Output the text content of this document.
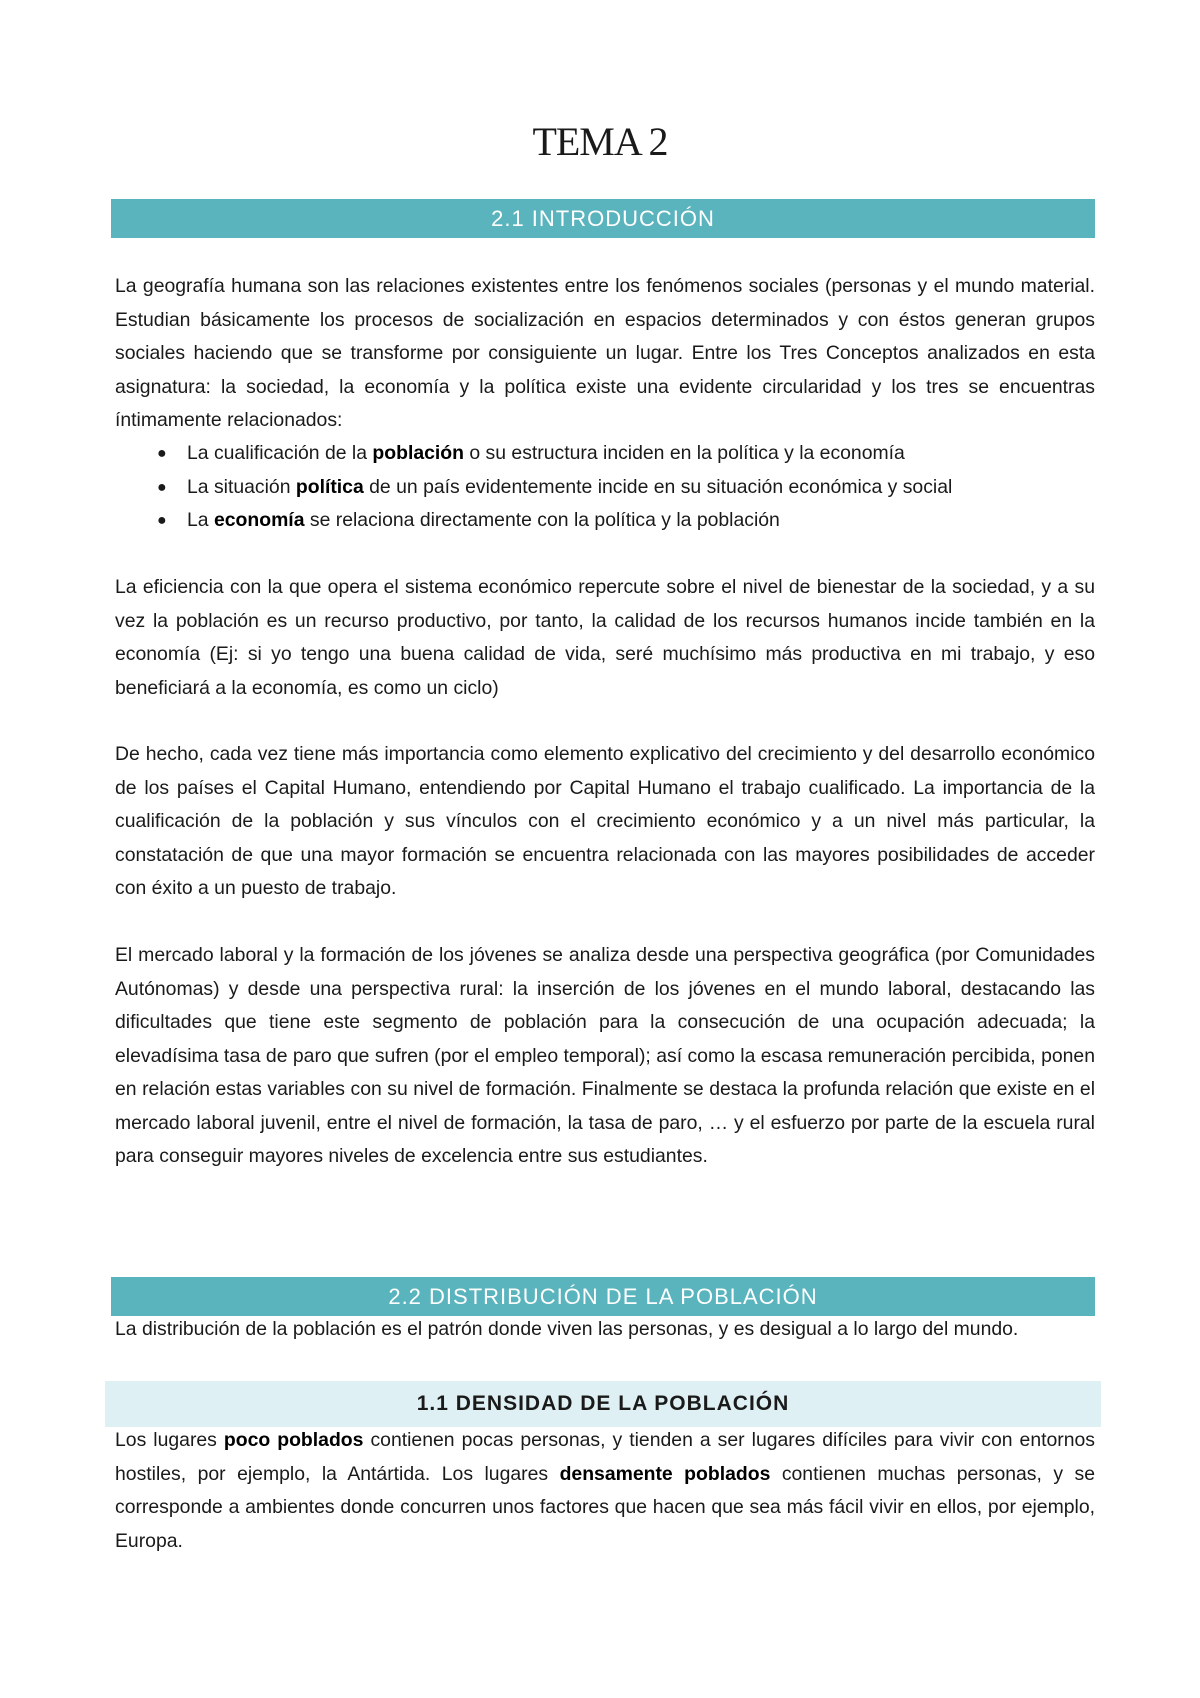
TEMA 2
2.1 INTRODUCCIÓN

La geografía humana son las relaciones existentes entre los fenómenos sociales (personas y el mundo material. Estudian básicamente los procesos de socialización en espacios determinados y con éstos generan grupos sociales haciendo que se transforme por consiguiente un lugar. Entre los Tres Conceptos analizados en esta asignatura: la sociedad, la economía y la política existe una evidente circularidad y los tres se encuentras íntimamente relacionados:

● La cualificación de la población o su estructura inciden en la política y la economía
● La situación política de un país evidentemente incide en su situación económica y social
● La economía se relaciona directamente con la política y la población

La eficiencia con la que opera el sistema económico repercute sobre el nivel de bienestar de la sociedad, y a su vez la población es un recurso productivo, por tanto, la calidad de los recursos humanos incide también en la economía (Ej: si yo tengo una buena calidad de vida, seré muchísimo más productiva en mi trabajo, y eso beneficiará a la economía, es como un ciclo)

De hecho, cada vez tiene más importancia como elemento explicativo del crecimiento y del desarrollo económico de los países el Capital Humano, entendiendo por Capital Humano el trabajo cualificado. La importancia de la cualificación de la población y sus vínculos con el crecimiento económico y a un nivel más particular, la constatación de que una mayor formación se encuentra relacionada con las mayores posibilidades de acceder con éxito a un puesto de trabajo.

El mercado laboral y la formación de los jóvenes se analiza desde una perspectiva geográfica (por Comunidades Autónomas) y desde una perspectiva rural: la inserción de los jóvenes en el mundo laboral, destacando las dificultades que tiene este segmento de población para la consecución de una ocupación adecuada; la elevadísima tasa de paro que sufren (por el empleo temporal); así como la escasa remuneración percibida, ponen en relación estas variables con su nivel de formación. Finalmente se destaca la profunda relación que existe en el mercado laboral juvenil, entre el nivel de formación, la tasa de paro, … y el esfuerzo por parte de la escuela rural para conseguir mayores niveles de excelencia entre sus estudiantes.

2.2 DISTRIBUCIÓN DE LA POBLACIÓN

La distribución de la población es el patrón donde viven las personas, y es desigual a lo largo del mundo.

1.1 DENSIDAD DE LA POBLACIÓN

Los lugares poco poblados contienen pocas personas, y tienden a ser lugares difíciles para vivir con entornos hostiles, por ejemplo, la Antártida. Los lugares densamente poblados contienen muchas personas, y se corresponde a ambientes donde concurren unos factores que hacen que sea más fácil vivir en ellos, por ejemplo, Europa.
